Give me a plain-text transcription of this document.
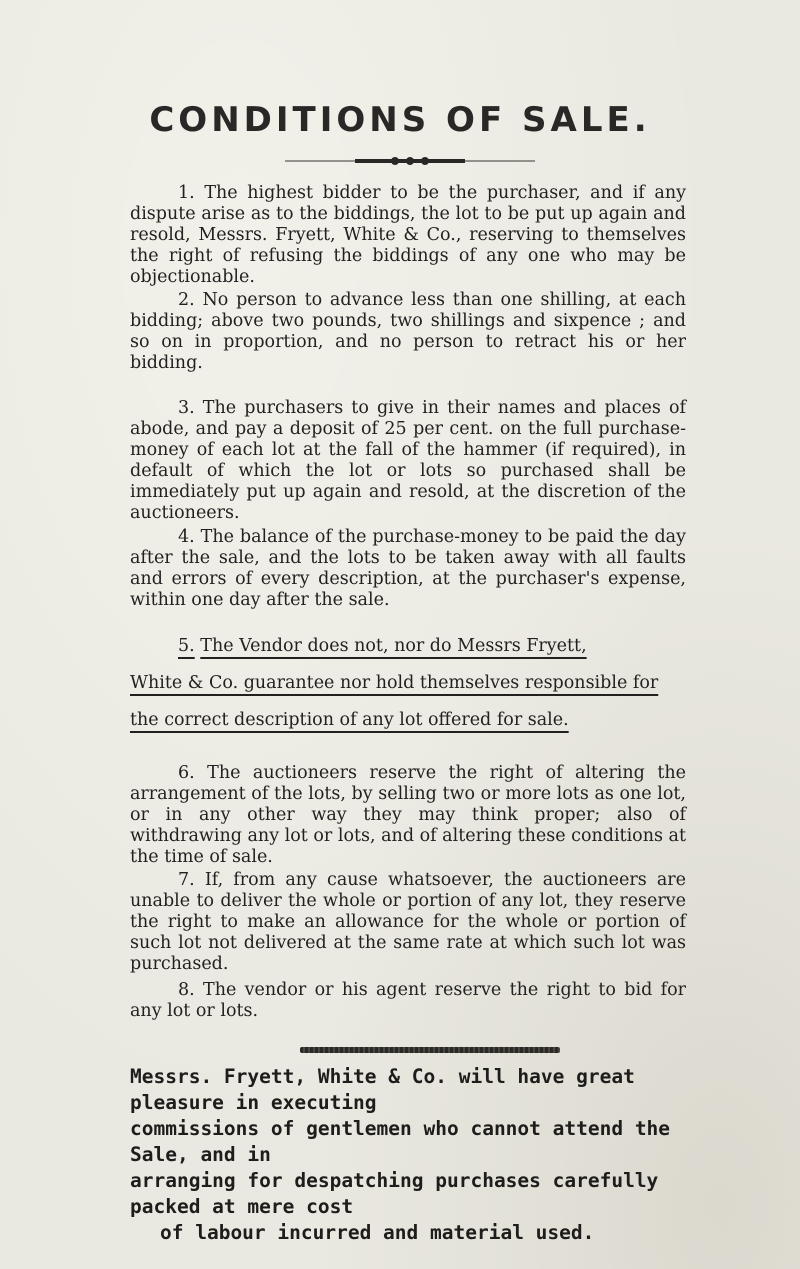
CONDITIONS OF SALE.

1. The highest bidder to be the purchaser, and if any dispute arise as to the biddings, the lot to be put up again and resold, Messrs. Fryett, White & Co., reserving to themselves the right of refusing the biddings of any one who may be objectionable.

2. No person to advance less than one shilling, at each bidding; above two pounds, two shillings and sixpence ; and so on in proportion, and no person to retract his or her bidding.

3. The purchasers to give in their names and places of abode, and pay a deposit of 25 per cent. on the full purchase-money of each lot at the fall of the hammer (if required), in default of which the lot or lots so purchased shall be immediately put up again and resold, at the discretion of the auctioneers.

4. The balance of the purchase-money to be paid the day after the sale, and the lots to be taken away with all faults and errors of every description, at the purchaser's expense, within one day after the sale.

5. The Vendor does not, nor do Messrs Fryett,
White & Co. guarantee nor hold themselves responsible for
the correct description of any lot offered for sale.

6. The auctioneers reserve the right of altering the arrangement of the lots, by selling two or more lots as one lot, or in any other way they may think proper; also of withdrawing any lot or lots, and of altering these conditions at the time of sale.

7. If, from any cause whatsoever, the auctioneers are unable to deliver the whole or portion of any lot, they reserve the right to make an allowance for the whole or portion of such lot not delivered at the same rate at which such lot was purchased.

8. The vendor or his agent reserve the right to bid for any lot or lots.

Messrs. Fryett, White & Co. will have great pleasure in executing
commissions of gentlemen who cannot attend the Sale, and in
arranging for despatching purchases carefully packed at mere cost
of labour incurred and material used.
